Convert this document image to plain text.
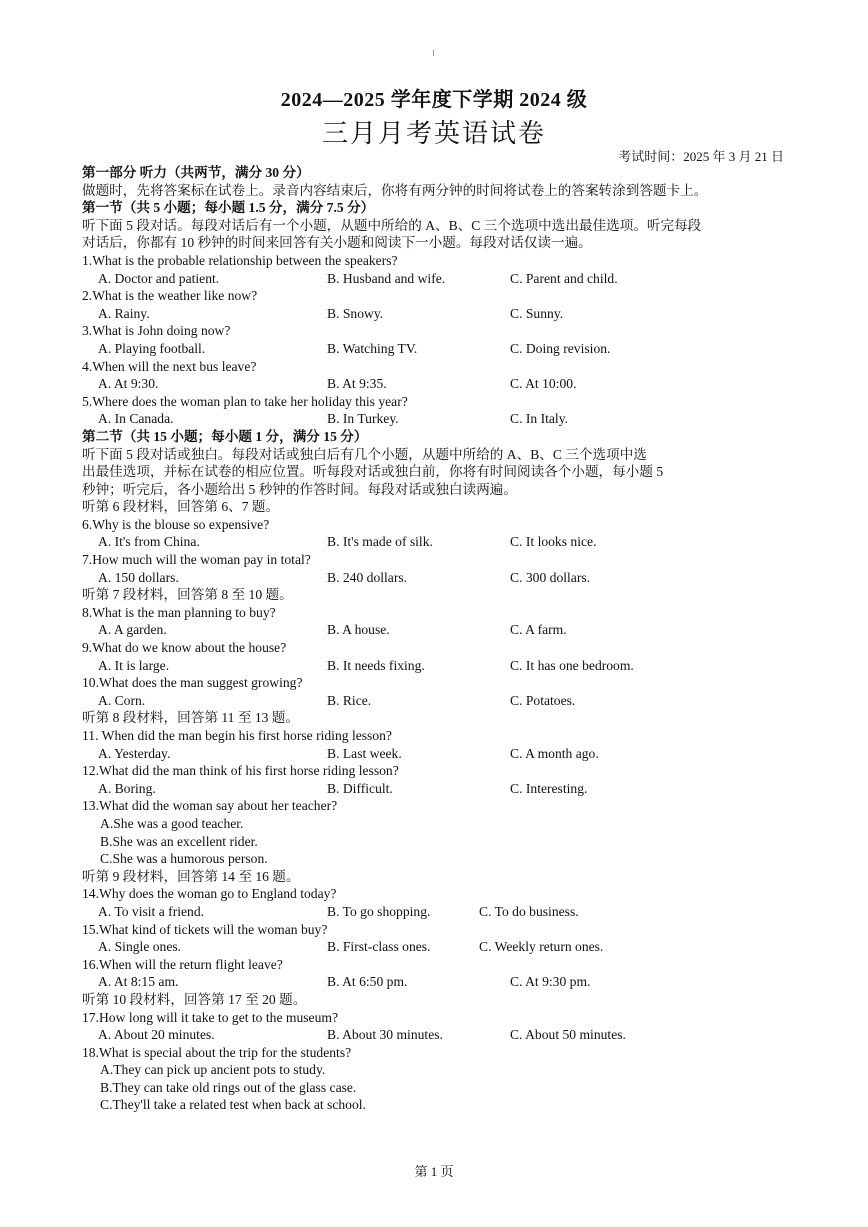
2024—2025 学年度下学期 2024 级
三月月考英语试卷
考试时间：2025 年 3 月 21 日
第一部分 听力（共两节，满分 30 分）
做题时，先将答案标在试卷上。录音内容结束后，你将有两分钟的时间将试卷上的答案转涂到答题卡上。
第一节（共 5 小题；每小题 1.5 分，满分 7.5 分）
听下面 5 段对话。每段对话后有一个小题，从题中所给的 A、B、C 三个选项中选出最佳选项。听完每段
对话后，你都有 10 秒钟的时间来回答有关小题和阅读下一小题。每段对话仅读一遍。
1.What is the probable relationship between the speakers?
A. Doctor and patient.	B. Husband and wife.	C. Parent and child.
2.What is the weather like now?
A. Rainy.	B. Snowy.	C. Sunny.
3.What is John doing now?
A. Playing football.	B. Watching TV.	C. Doing revision.
4.When will the next bus leave?
A. At 9:30.	B. At 9:35.	C. At 10:00.
5.Where does the woman plan to take her holiday this year?
A. In Canada.	B. In Turkey.	C. In Italy.
第二节（共 15 小题；每小题 1 分，满分 15 分）
听下面 5 段对话或独白。每段对话或独白后有几个小题，从题中所给的 A、B、C 三个选项中选
出最佳选项，并标在试卷的相应位置。听每段对话或独白前，你将有时间阅读各个小题，每小题 5
秒钟；听完后，各小题给出 5 秒钟的作答时间。每段对话或独白读两遍。
听第 6 段材料，回答第 6、7 题。
6.Why is the blouse so expensive?
A. It's from China.	B. It's made of silk.	C. It looks nice.
7.How much will the woman pay in total?
A. 150 dollars.	B. 240 dollars.	C. 300 dollars.
听第 7 段材料，回答第 8 至 10 题。
8.What is the man planning to buy?
A. A garden.	B. A house.	C. A farm.
9.What do we know about the house?
A. It is large.	B. It needs fixing.	C. It has one bedroom.
10.What does the man suggest growing?
A. Corn.	B. Rice.	C. Potatoes.
听第 8 段材料，回答第 11 至 13 题。
11. When did the man begin his first horse riding lesson?
A. Yesterday.	B. Last week.	C. A month ago.
12.What did the man think of his first horse riding lesson?
A. Boring.	B. Difficult.	C. Interesting.
13.What did the woman say about her teacher?
A.She was a good teacher.
B.She was an excellent rider.
C.She was a humorous person.
听第 9 段材料，回答第 14 至 16 题。
14.Why does the woman go to England today?
A. To visit a friend.	B. To go shopping.	C. To do business.
15.What kind of tickets will the woman buy?
A. Single ones.	B. First-class ones.	C. Weekly return ones.
16.When will the return flight leave?
A. At 8:15 am.	B. At 6:50 pm.	C. At 9:30 pm.
听第 10 段材料，回答第 17 至 20 题。
17.How long will it take to get to the museum?
A. About 20 minutes.	B. About 30 minutes.	C. About 50 minutes.
18.What is special about the trip for the students?
A.They can pick up ancient pots to study.
B.They can take old rings out of the glass case.
C.They'll take a related test when back at school.
第 1 页
